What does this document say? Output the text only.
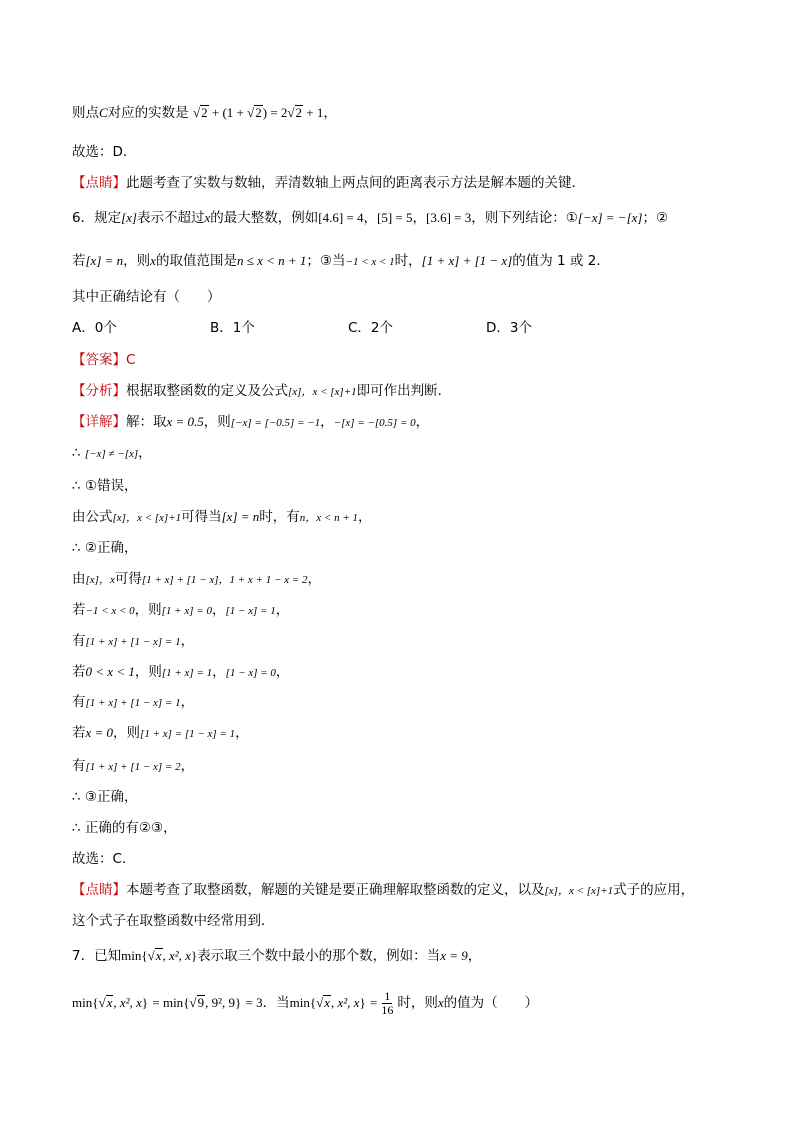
则点C对应的实数是 √2 + (1 + √2) = 2√2 + 1，
故选：D．
【点睛】此题考查了实数与数轴，弄清数轴上两点间的距离表示方法是解本题的关键．
6．规定[x]表示不超过x的最大整数，例如[4.6] = 4，[5] = 5，[3.6] = 3，则下列结论：①[−x] = −[x]；②
若[x] = n，则x的取值范围是n ≤ x < n + 1；③当−1 < x < 1时，[1 + x] + [1 − x]的值为 1 或 2．
其中正确结论有（　　）
A．0个	B．1个	C．2个	D．3个
【答案】C
【分析】根据取整函数的定义及公式[x]，x < [x]+1即可作出判断．
【详解】解：取x = 0.5，则[−x] = [−0.5] = −1，−[x] = −[0.5] = 0，
∴ [−x] ≠ −[x]，
∴ ①错误，
由公式[x]，x < [x]+1可得当[x] = n时，有n，x < n + 1，
∴ ②正确，
由[x]，x可得[1 + x] + [1 − x]，1 + x + 1 − x = 2，
若−1 < x < 0，则[1 + x] = 0，[1 − x] = 1，
有[1 + x] + [1 − x] = 1，
若0 < x < 1，则[1 + x] = 1，[1 − x] = 0，
有[1 + x] + [1 − x] = 1，
若x = 0，则[1 + x] = [1 − x] = 1，
有[1 + x] + [1 − x] = 2，
∴ ③正确，
∴ 正确的有②③，
故选：C．
【点睛】本题考查了取整函数，解题的关键是要正确理解取整函数的定义，以及[x]，x < [x]+1式子的应用，
这个式子在取整函数中经常用到．
7．已知min{√x, x², x}表示取三个数中最小的那个数，例如：当x = 9，
min{√x, x², x} = min{√9, 9², 9} = 3．当min{√x, x², $x\} = \frac{1}{16}$ 时，则x的值为（　　）
